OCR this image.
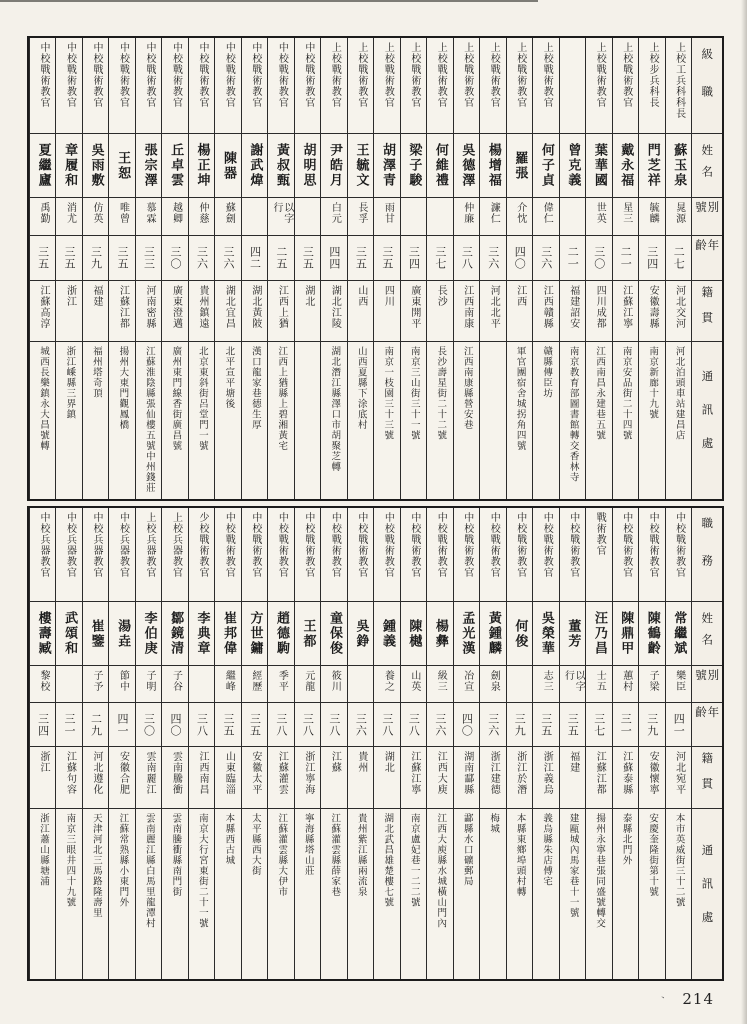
級職
姓名
別號
年齡
籍貫
通訊處
上校工兵科科長
蘇玉泉
晁源
二七
河北交河
河北泊頭車站建昌店
上校步兵科長
門芝祥
毓麟
三四
安徽壽縣
南京新廊十九號
上校戰術教官
戴永福
星三
二一
江蘇江寧
南京安品街二十四號
上校戰術教官
葉華國
世英
三〇
四川成都
江西南昌永建巷五號
曾克義
二一
福建詔安
南京教育部圖書館轉交香林寺
上校戰術教官
何子貞
偉仁
三六
江西贛縣
贛縣傳臣坊
上校戰術教官
羅張
介忱
四〇
江西
軍官團宿舍城拐角四號
上校戰術教官
楊增福
濂仁
三六
河北北平
上校戰術教官
吳德澤
仲廉
三八
江西南康
江西南康縣營安巷
上校戰術教官
何維禮
三七
長沙
長沙壽星街二十二號
上校戰術教官
梁子駿
三四
廣東開平
南京三山街三十一號
上校戰術教官
胡澤青
雨甘
三五
四川
南京一枝園三十三號
上校戰術教官
王毓文
長孚
三五
山西
山西夏縣下涂底村
上校戰術教官
尹皓月
白元
四四
湖北江陵
湖北潛江縣澤口市胡聚芝轉
中校戰術教官
胡明思
三五
湖北
中校戰術教官
黃叔甄
以字行
二五
江西上猶
江西上猶縣上碧湘黃宅
中校戰術教官
謝武煒
四二
湖北黃陂
漢口龍家巷德生厚
中校戰術教官
陳器
蘇劍
三六
湖北宜昌
北平宣平塘後
中校戰術教官
楊正坤
仲慈
三六
貴州鎮遠
北京東斜街呂堂門一號
中校戰術教官
丘卓雲
越卿
三〇
廣東澄邁
廣州東門線香街廣昌號
中校戰術教官
張宗澤
慕霖
三三
河南密縣
江蘇淮陰縣張仙樓五號中州錢莊
中校戰術教官
王恕
唯曾
三五
江蘇江都
揚州大東門觀鳳橋
中校戰術教官
吳雨敷
仿英
三九
福建
福州塔奇頂
中校戰術教官
章履和
消尤
三五
浙江
浙江嵊縣三界鎮
中校戰術教官
夏繼廬
禹勤
三五
江蘇高淳
城西長樂鎮永大昌號轉
職務
姓名
別號
年齡
籍貫
通訊處
中校戰術教官
常繼斌
樂臣
四一
河北宛平
本市英威街三十二號
中校戰術教官
陳鶴齡
子梁
三九
安徽懷寧
安慶奎隆街第十號
中校戰術教官
陳鼎甲
蕙村
三一
江蘇泰縣
泰縣北門外
戰術教官
汪乃昌
士五
三七
江蘇江都
揚州永寧巷張同盛號轉交
中校戰術教官
董芳
以字行
三五
福建
建甌城內馬家巷十一號
中校戰術教官
吳榮華
志三
三五
浙江義烏
義烏縣朱店傅宅
中校戰術教官
何俊
三九
浙江於潛
本縣東鄉埠頭村轉
中校戰術教官
黃鍾麟
劍泉
三六
浙江建德
梅城
中校戰術教官
孟光漢
冶宣
四〇
湖南酃縣
酃縣水口礦郵局
中校戰術教官
楊彝
級三
三六
江西大庾
江西大庾縣水城橫山門內
中校戰術教官
陳樾
山英
三八
江蘇江寧
南京盧妃巷一二二號
中校戰術教官
鍾義
養之
三八
湖北
湖北武昌雄楚樓七號
中校戰術教官
吳錚
三六
貴州
貴州紫江縣兩流泉
中校戰術教官
童保俊
筱川
三八
江蘇
江蘇灌雲縣薛家巷
中校戰術教官
王都
元龍
三八
浙江寧海
寧海縣塔山莊
中校戰術教官
趙德駒
季平
三八
江蘇灌雲
江蘇灌雲縣大伊市
中校戰術教官
方世鏞
經歷
三五
安徽太平
太平縣西大街
中校戰術教官
崔邦偉
繼峰
三五
山東臨淄
本縣西古城
少校戰術教官
李典章
三八
江西南昌
南京大行宮東街二十一號
上校兵器教官
鄒鏡清
子谷
四〇
雲南騰衝
雲南騰衝縣南門街
上校兵器教官
李伯庚
子明
三〇
雲南麗江
雲南麗江縣白馬里龍潭村
中校兵器教官
湯垚
節中
四一
安徽合肥
江蘇常熟縣小東門外
中校兵器教官
崔鑒
子予
二九
河北遵化
天津河北三馬路隆壽里
中校兵器教官
武頌和
三一
江蘇句容
南京三眼井四十九號
中校兵器教官
樓壽臧
黎校
三四
浙江
浙江蕭山縣塘浦
、 214
